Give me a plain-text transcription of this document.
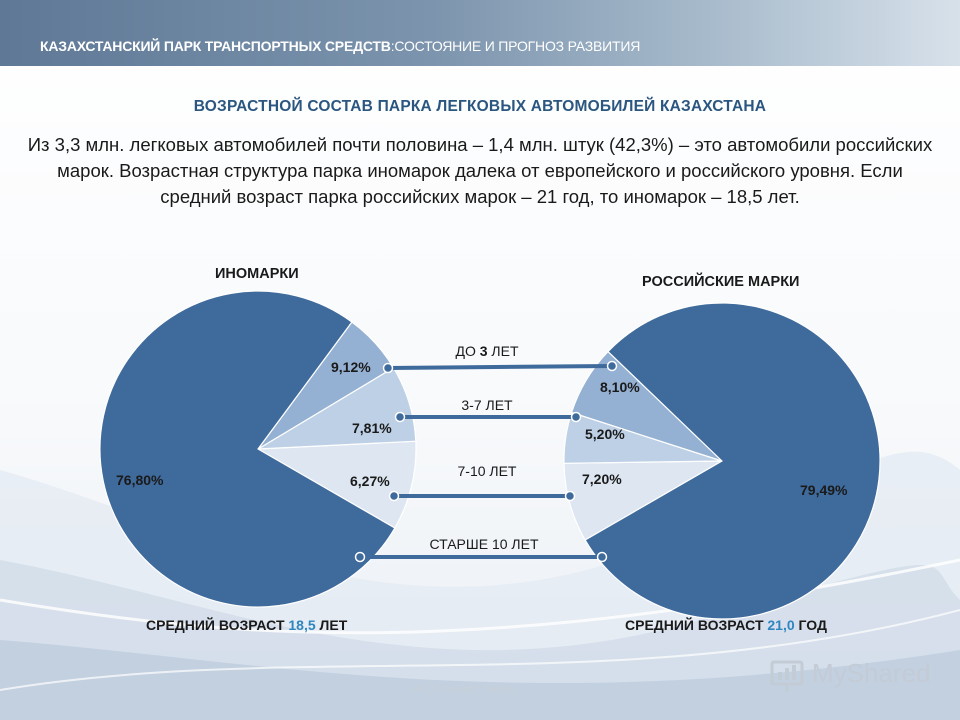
КАЗАХСТАНСКИЙ ПАРК ТРАНСПОРТНЫХ СРЕДСТВ:СОСТОЯНИЕ И ПРОГНОЗ РАЗВИТИЯ
ВОЗРАСТНОЙ СОСТАВ ПАРКА ЛЕГКОВЫХ АВТОМОБИЛЕЙ КАЗАХСТАНА
Из 3,3 млн. легковых автомобилей почти половина – 1,4 млн. штук (42,3%) – это автомобили российских марок. Возрастная структура парка иномарок далека от европейского и российского уровня. Если средний возраст парка российских марок – 21 год, то иномарок – 18,5 лет.
ИНОМАРКИ	РОССИЙСКИЕ МАРКИ
9,12%
7,81%
6,27%
76,80%
8,10%
5,20%
7,20%
79,49%
ДО 3 ЛЕТ
3-7 ЛЕТ
7-10 ЛЕТ
СТАРШЕ 10 ЛЕТ
СРЕДНИЙ ВОЗРАСТ 18,5 ЛЕТ	СРЕДНИЙ ВОЗРАСТ 21,0 ГОД
ИСТОЧНИК: АКАБ
MyShared
